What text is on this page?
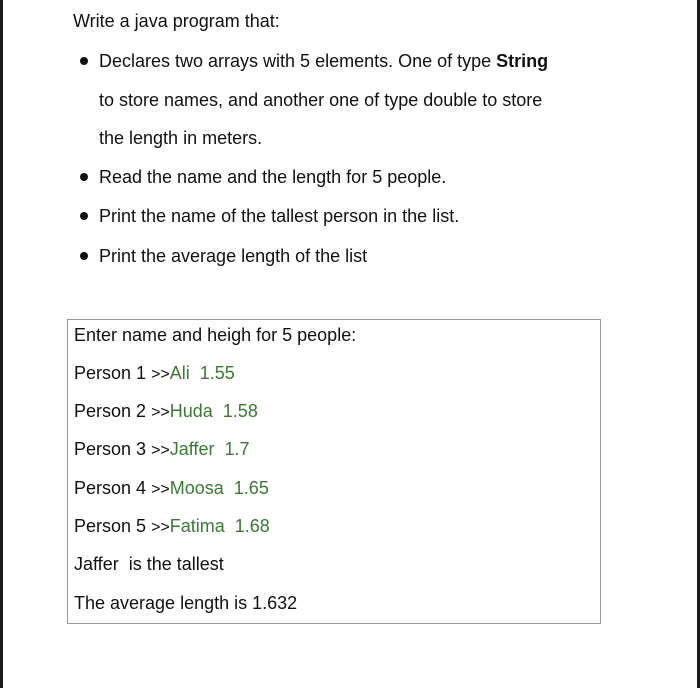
Write a java program that:
Declares two arrays with 5 elements. One of type String
to store names, and another one of type double to store
the length in meters.
Read the name and the length for 5 people.
Print the name of the tallest person in the list.
Print the average length of the list
Enter name and heigh for 5 people:
Person 1 >>Ali 1.55
Person 2 >>Huda 1.58
Person 3 >>Jaffer 1.7
Person 4 >>Moosa 1.65
Person 5 >>Fatima 1.68
Jaffer  is the tallest
The average length is 1.632
